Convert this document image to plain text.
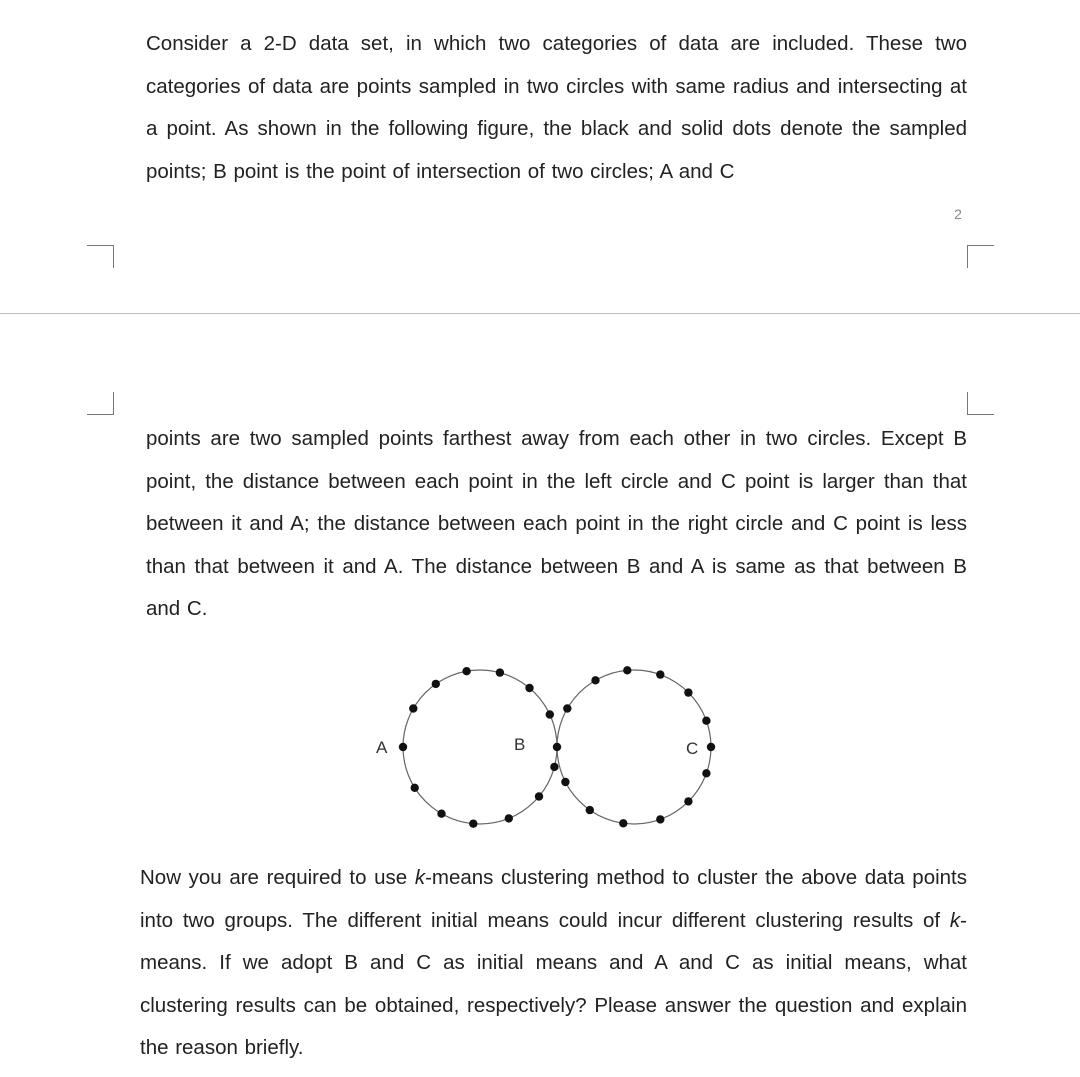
Consider a 2-D data set, in which two categories of data are included. These two categories of data are points sampled in two circles with same radius and intersecting at a point. As shown in the following figure, the black and solid dots denote the sampled points; B point is the point of intersection of two circles; A and C

2

points are two sampled points farthest away from each other in two circles. Except B point, the distance between each point in the left circle and C point is larger than that between it and A; the distance between each point in the right circle and C point is less than that between it and A. The distance between B and A is same as that between B and C.

A	B	C

Now you are required to use k-means clustering method to cluster the above data points into two groups. The different initial means could incur different clustering results of k-means. If we adopt B and C as initial means and A and C as initial means, what clustering results can be obtained, respectively? Please answer the question and explain the reason briefly.
